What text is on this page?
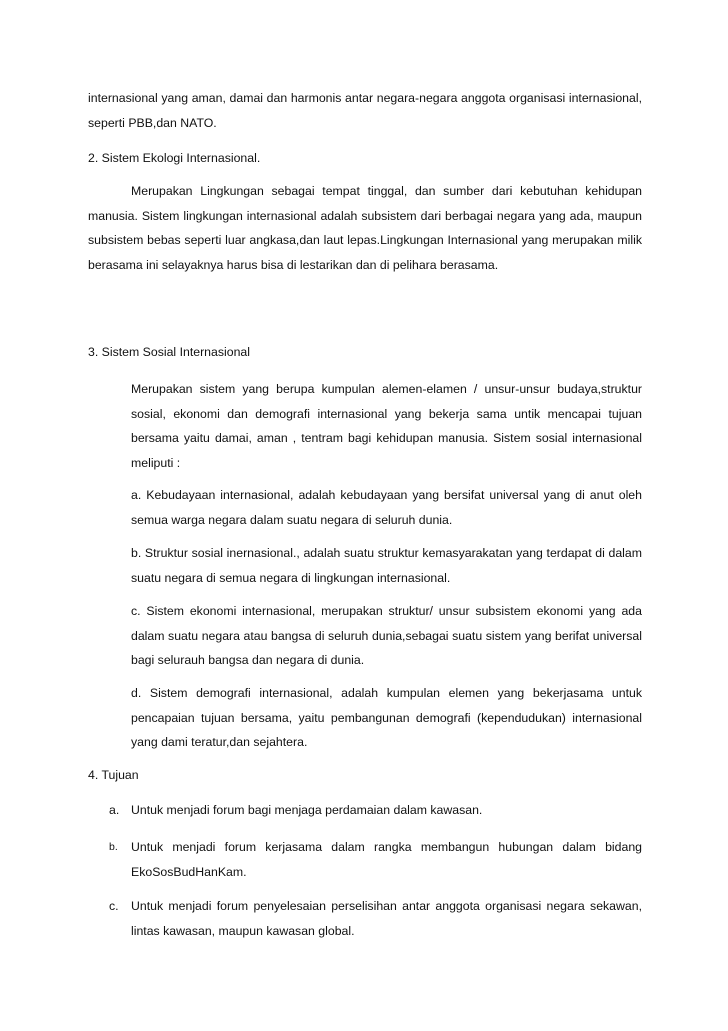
internasional yang aman, damai dan harmonis antar negara-negara anggota organisasi internasional, seperti PBB,dan NATO.
2. Sistem Ekologi Internasional.
Merupakan Lingkungan sebagai tempat tinggal, dan sumber dari kebutuhan kehidupan manusia. Sistem lingkungan internasional adalah subsistem dari berbagai negara yang ada, maupun subsistem bebas seperti luar angkasa,dan laut lepas.Lingkungan Internasional yang merupakan milik berasama ini selayaknya harus bisa di lestarikan dan di pelihara berasama.
3. Sistem Sosial Internasional
Merupakan sistem yang berupa kumpulan alemen-elamen / unsur-unsur budaya,struktur sosial, ekonomi dan demografi internasional yang bekerja sama untik mencapai tujuan bersama yaitu damai, aman , tentram bagi kehidupan manusia. Sistem sosial internasional meliputi :
a. Kebudayaan internasional, adalah kebudayaan yang bersifat universal yang di anut oleh semua warga negara dalam suatu negara di seluruh dunia.
b. Struktur sosial inernasional., adalah suatu struktur kemasyarakatan yang terdapat di dalam suatu negara di semua negara di lingkungan internasional.
c. Sistem ekonomi internasional, merupakan struktur/ unsur subsistem ekonomi yang ada dalam suatu negara atau bangsa di seluruh dunia,sebagai suatu sistem yang berifat universal bagi selurauh bangsa dan negara di dunia.
d. Sistem demografi internasional, adalah kumpulan elemen yang bekerjasama untuk pencapaian tujuan bersama, yaitu pembangunan demografi (kependudukan) internasional yang dami teratur,dan sejahtera.
4. Tujuan
a. Untuk menjadi forum bagi menjaga perdamaian dalam kawasan.
b. Untuk menjadi forum kerjasama dalam rangka membangun hubungan dalam bidang EkoSosBudHanKam.
c. Untuk menjadi forum penyelesaian perselisihan antar anggota organisasi negara sekawan, lintas kawasan, maupun kawasan global.
